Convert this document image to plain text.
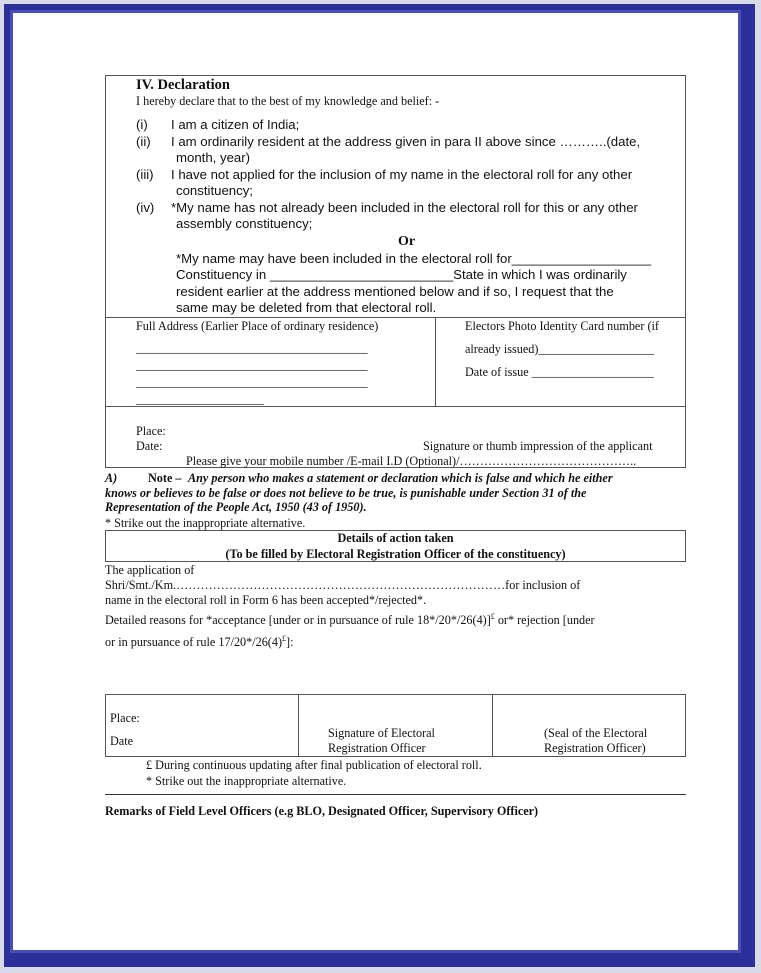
IV. Declaration
I hereby declare that to the best of my knowledge and belief: -
(i) I am a citizen of India;
(ii) I am ordinarily resident at the address given in para II above since ………..(date,
month, year)
(iii) I have not applied for the inclusion of my name in the electoral roll for any other
constituency;
(iv) *My name has not already been included in the electoral roll for this or any other
assembly constituency;
Or
*My name may have been included in the electoral roll for___________________
Constituency in _________________________State in which I was ordinarily
resident earlier at the address mentioned below and if so, I request that the
same may be deleted from that electoral roll.
Full Address (Earlier Place of ordinary residence)
______________________________________
______________________________________
______________________________________
_____________________
Electors Photo Identity Card number (if
already issued)___________________
Date of issue ____________________
Place:
Date:	Signature or thumb impression of the applicant
Please give your mobile number /E-mail I.D (Optional)/……………………………………..
A)	Note – Any person who makes a statement or declaration which is false and which he either
knows or believes to be false or does not believe to be true, is punishable under Section 31 of the
Representation of the People Act, 1950 (43 of 1950).
* Strike out the inappropriate alternative.
Details of action taken
(To be filled by Electoral Registration Officer of the constituency)
The application of
Shri/Smt./Km.………………………………………………………………………for inclusion of
name in the electoral roll in Form 6 has been accepted*/rejected*.
Detailed reasons for *acceptance [under or in pursuance of rule 18*/20*/26(4)]£ or* rejection [under
or in pursuance of rule 17/20*/26(4)£]:
Place:
Date
Signature of Electoral
Registration Officer
(Seal of the Electoral
Registration Officer)
£ During continuous updating after final publication of electoral roll.
* Strike out the inappropriate alternative.
Remarks of Field Level Officers (e.g BLO, Designated Officer, Supervisory Officer)
